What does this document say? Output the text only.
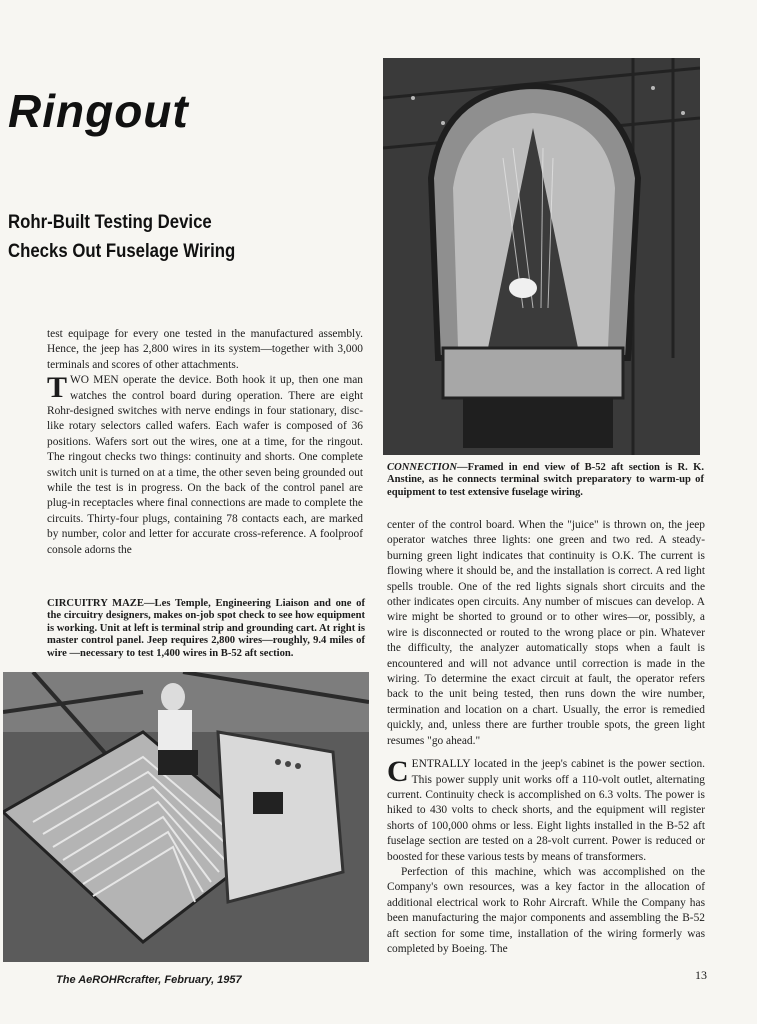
Ringout
Rohr-Built Testing Device
Checks Out Fuselage Wiring
CONNECTION—Framed in end view of B-52 aft section is R. K. Anstine, as he connects terminal switch preparatory to warm-up of equipment to test extensive fuselage wiring.

test equipage for every one tested in the manufactured assembly. Hence, the jeep has 2,800 wires in its system—together with 3,000 terminals and scores of other attachments.

TWO MEN operate the device. Both hook it up, then one man watches the control board during operation. There are eight Rohr-designed switches with nerve endings in four stationary, disc-like rotary selectors called wafers. Each wafer is composed of 36 positions. Wafers sort out the wires, one at a time, for the ringout. The ringout checks two things: continuity and shorts. One complete switch unit is turned on at a time, the other seven being grounded out while the test is in progress. On the back of the control panel are plug-in receptacles where final connections are made to complete the circuits. Thirty-four plugs, containing 78 contacts each, are marked by number, color and letter for accurate cross-reference. A foolproof console adorns the

CIRCUITRY MAZE—Les Temple, Engineering Liaison and one of the circuitry designers, makes on-job spot check to see how equipment is working. Unit at left is terminal strip and grounding cart. At right is master control panel. Jeep requires 2,800 wires—roughly, 9.4 miles of wire —necessary to test 1,400 wires in B-52 aft section.

center of the control board. When the "juice" is thrown on, the jeep operator watches three lights: one green and two red. A steady-burning green light indicates that continuity is O.K. The current is flowing where it should be, and the installation is correct. A red light spells trouble. One of the red lights signals short circuits and the other indicates open circuits. Any number of miscues can develop. A wire might be shorted to ground or to other wires—or, possibly, a wire is disconnected or routed to the wrong place or pin. Whatever the difficulty, the analyzer automatically stops when a fault is encountered and will not advance until correction is made in the wiring. To determine the exact circuit at fault, the operator refers back to the unit being tested, then runs down the wire number, termination and location on a chart. Usually, the error is remedied quickly, and, unless there are further trouble spots, the green light resumes "go ahead."

CENTRALLY located in the jeep's cabinet is the power section. This power supply unit works off a 110-volt outlet, alternating current. Continuity check is accomplished on 6.3 volts. The power is hiked to 430 volts to check shorts, and the equipment will register shorts of 100,000 ohms or less. Eight lights installed in the B-52 aft fuselage section are tested on a 28-volt current. Power is reduced or boosted for these various tests by means of transformers.

Perfection of this machine, which was accomplished on the Company's own resources, was a key factor in the allocation of additional electrical work to Rohr Aircraft. While the Company has been manufacturing the major components and assembling the B-52 aft section for some time, installation of the wiring formerly was completed by Boeing. The

The AeROHRcrafter, February, 1957	13
